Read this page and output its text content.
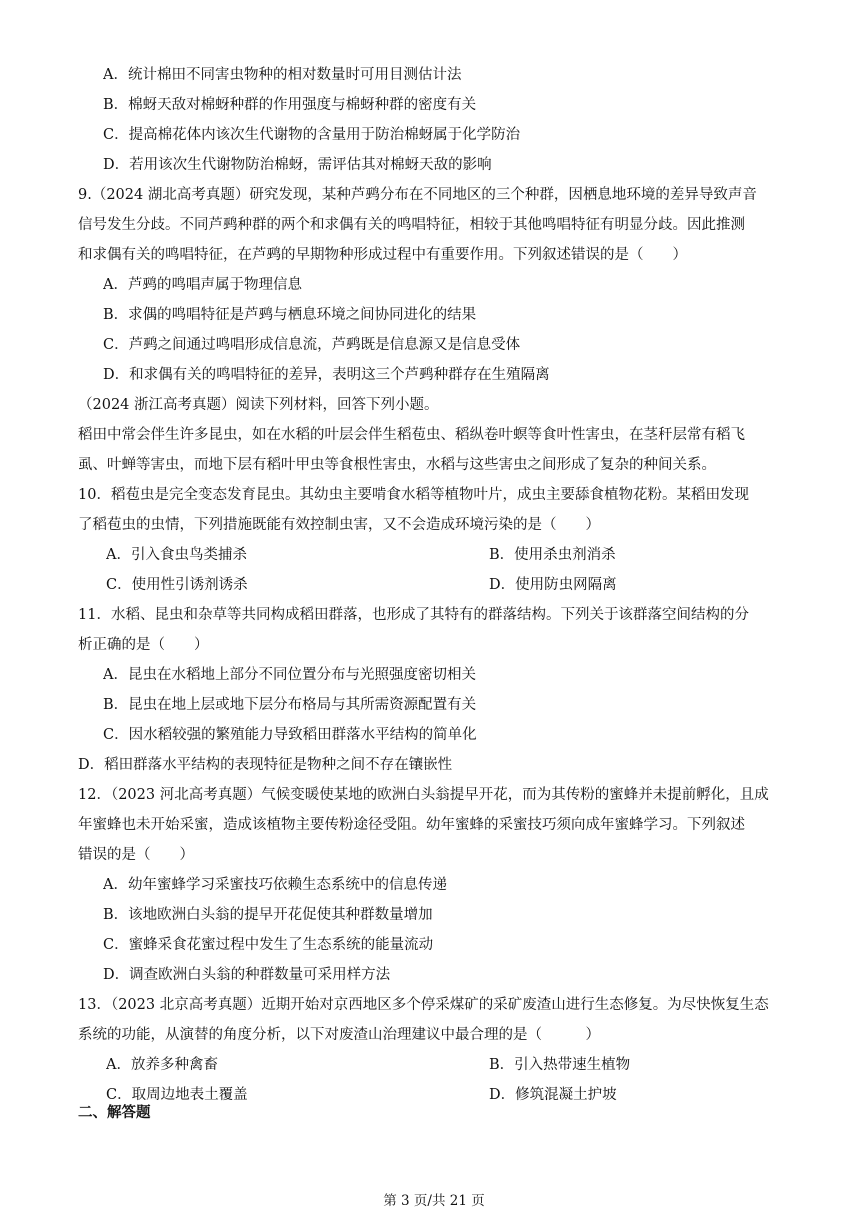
A．统计棉田不同害虫物种的相对数量时可用目测估计法
B．棉蚜天敌对棉蚜种群的作用强度与棉蚜种群的密度有关
C．提高棉花体内该次生代谢物的含量用于防治棉蚜属于化学防治
D．若用该次生代谢物防治棉蚜，需评估其对棉蚜天敌的影响
9.（2024 湖北高考真题）研究发现，某种芦鹀分布在不同地区的三个种群，因栖息地环境的差异导致声音
信号发生分歧。不同芦鹀种群的两个和求偶有关的鸣唱特征，相较于其他鸣唱特征有明显分歧。因此推测
和求偶有关的鸣唱特征，在芦鹀的早期物种形成过程中有重要作用。下列叙述错误的是（　　）
A．芦鹀的鸣唱声属于物理信息
B．求偶的鸣唱特征是芦鹀与栖息环境之间协同进化的结果
C．芦鹀之间通过鸣唱形成信息流，芦鹀既是信息源又是信息受体
D．和求偶有关的鸣唱特征的差异，表明这三个芦鹀种群存在生殖隔离
（2024 浙江高考真题）阅读下列材料，回答下列小题。
稻田中常会伴生许多昆虫，如在水稻的叶层会伴生稻苞虫、稻纵卷叶螟等食叶性害虫，在茎秆层常有稻飞
虱、叶蝉等害虫，而地下层有稻叶甲虫等食根性害虫，水稻与这些害虫之间形成了复杂的种间关系。
10．稻苞虫是完全变态发育昆虫。其幼虫主要啃食水稻等植物叶片，成虫主要舔食植物花粉。某稻田发现
了稻苞虫的虫情，下列措施既能有效控制虫害，又不会造成环境污染的是（　　）
A．引入食虫鸟类捕杀	B．使用杀虫剂消杀
C．使用性引诱剂诱杀	D．使用防虫网隔离
11．水稻、昆虫和杂草等共同构成稻田群落，也形成了其特有的群落结构。下列关于该群落空间结构的分
析正确的是（　　）
A．昆虫在水稻地上部分不同位置分布与光照强度密切相关
B．昆虫在地上层或地下层分布格局与其所需资源配置有关
C．因水稻较强的繁殖能力导致稻田群落水平结构的简单化
D．稻田群落水平结构的表现特征是物种之间不存在镶嵌性
12．（2023 河北高考真题）气候变暖使某地的欧洲白头翁提早开花，而为其传粉的蜜蜂并未提前孵化，且成
年蜜蜂也未开始采蜜，造成该植物主要传粉途径受阻。幼年蜜蜂的采蜜技巧须向成年蜜蜂学习。下列叙述
错误的是（　　）
A．幼年蜜蜂学习采蜜技巧依赖生态系统中的信息传递
B．该地欧洲白头翁的提早开花促使其种群数量增加
C．蜜蜂采食花蜜过程中发生了生态系统的能量流动
D．调查欧洲白头翁的种群数量可采用样方法
13．（2023 北京高考真题）近期开始对京西地区多个停采煤矿的采矿废渣山进行生态修复。为尽快恢复生态
系统的功能，从演替的角度分析，以下对废渣山治理建议中最合理的是（　　　）
A．放养多种禽畜	B．引入热带速生植物
C．取周边地表土覆盖	D．修筑混凝土护坡
二、解答题
第 3 页/共 21 页
